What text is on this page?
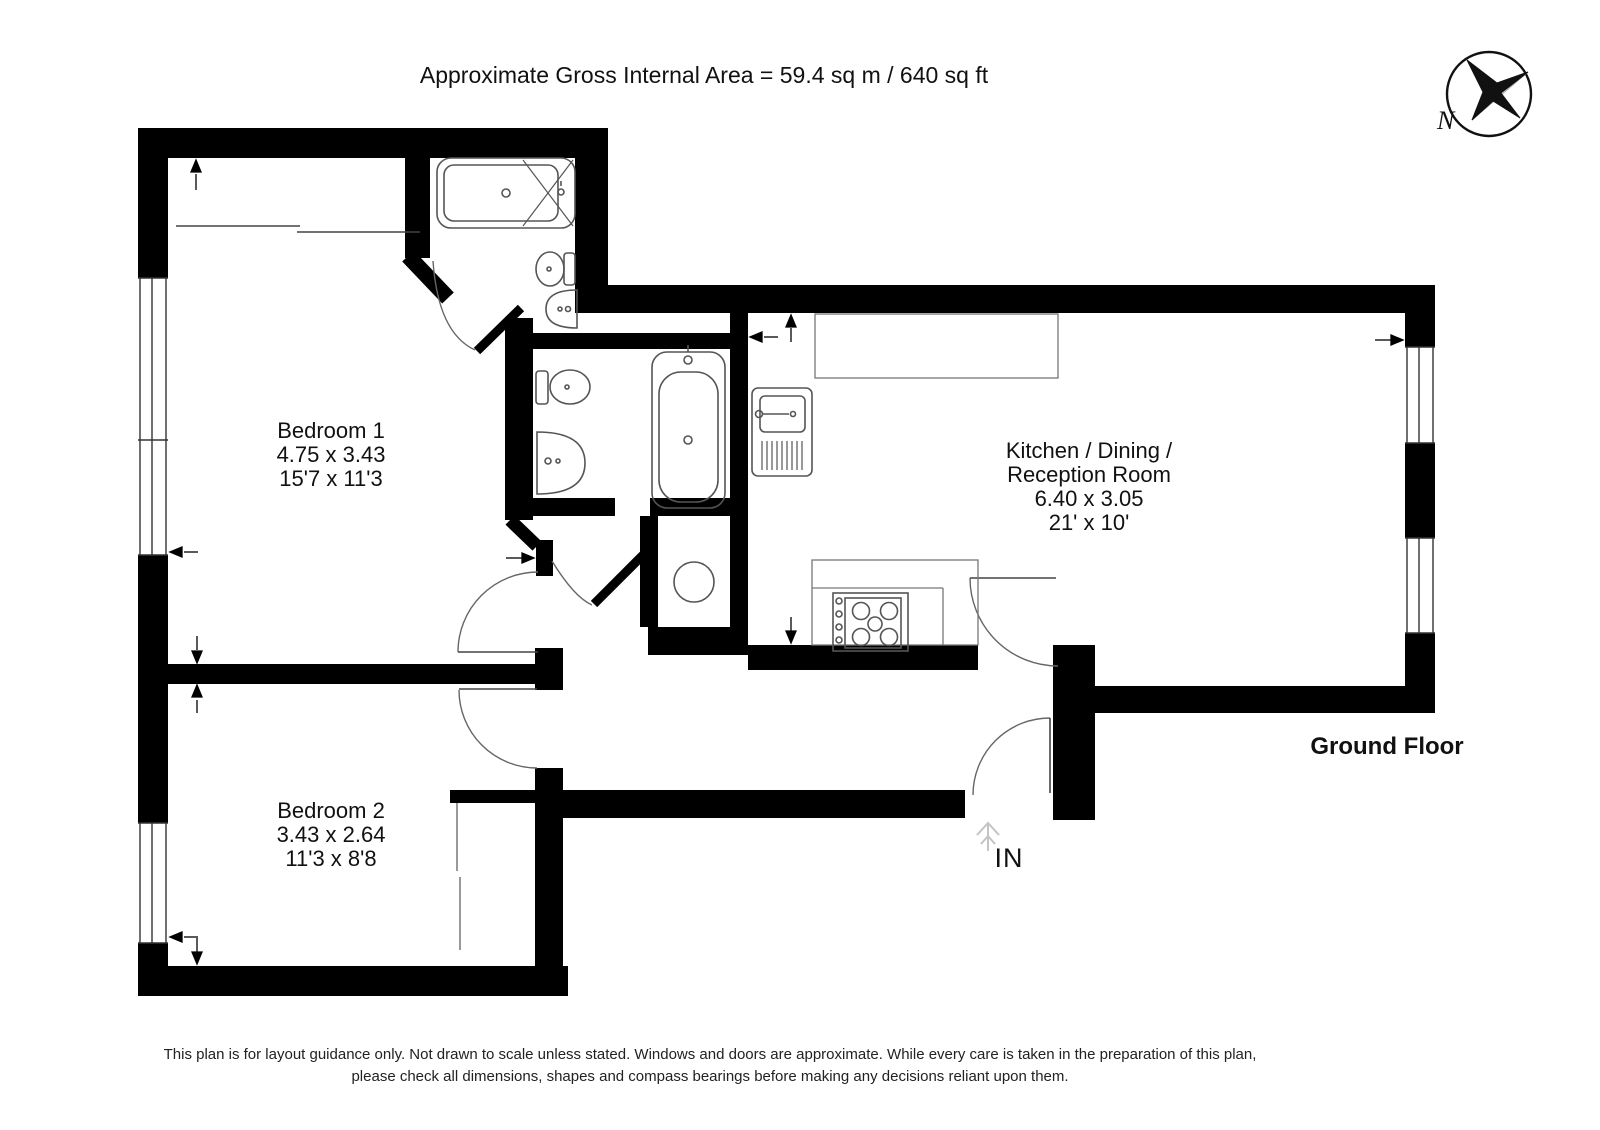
Approximate Gross Internal Area = 59.4 sq m / 640 sq ft
Bedroom 1
4.75 x 3.43
15'7 x 11'3
Kitchen / Dining /
Reception Room
6.40 x 3.05
21' x 10'
Bedroom 2
3.43 x 2.64
11'3 x 8'8
Ground Floor
IN
N
This plan is for layout guidance only. Not drawn to scale unless stated. Windows and doors are approximate. While every care is taken in the preparation of this plan,
please check all dimensions, shapes and compass bearings before making any decisions reliant upon them.
